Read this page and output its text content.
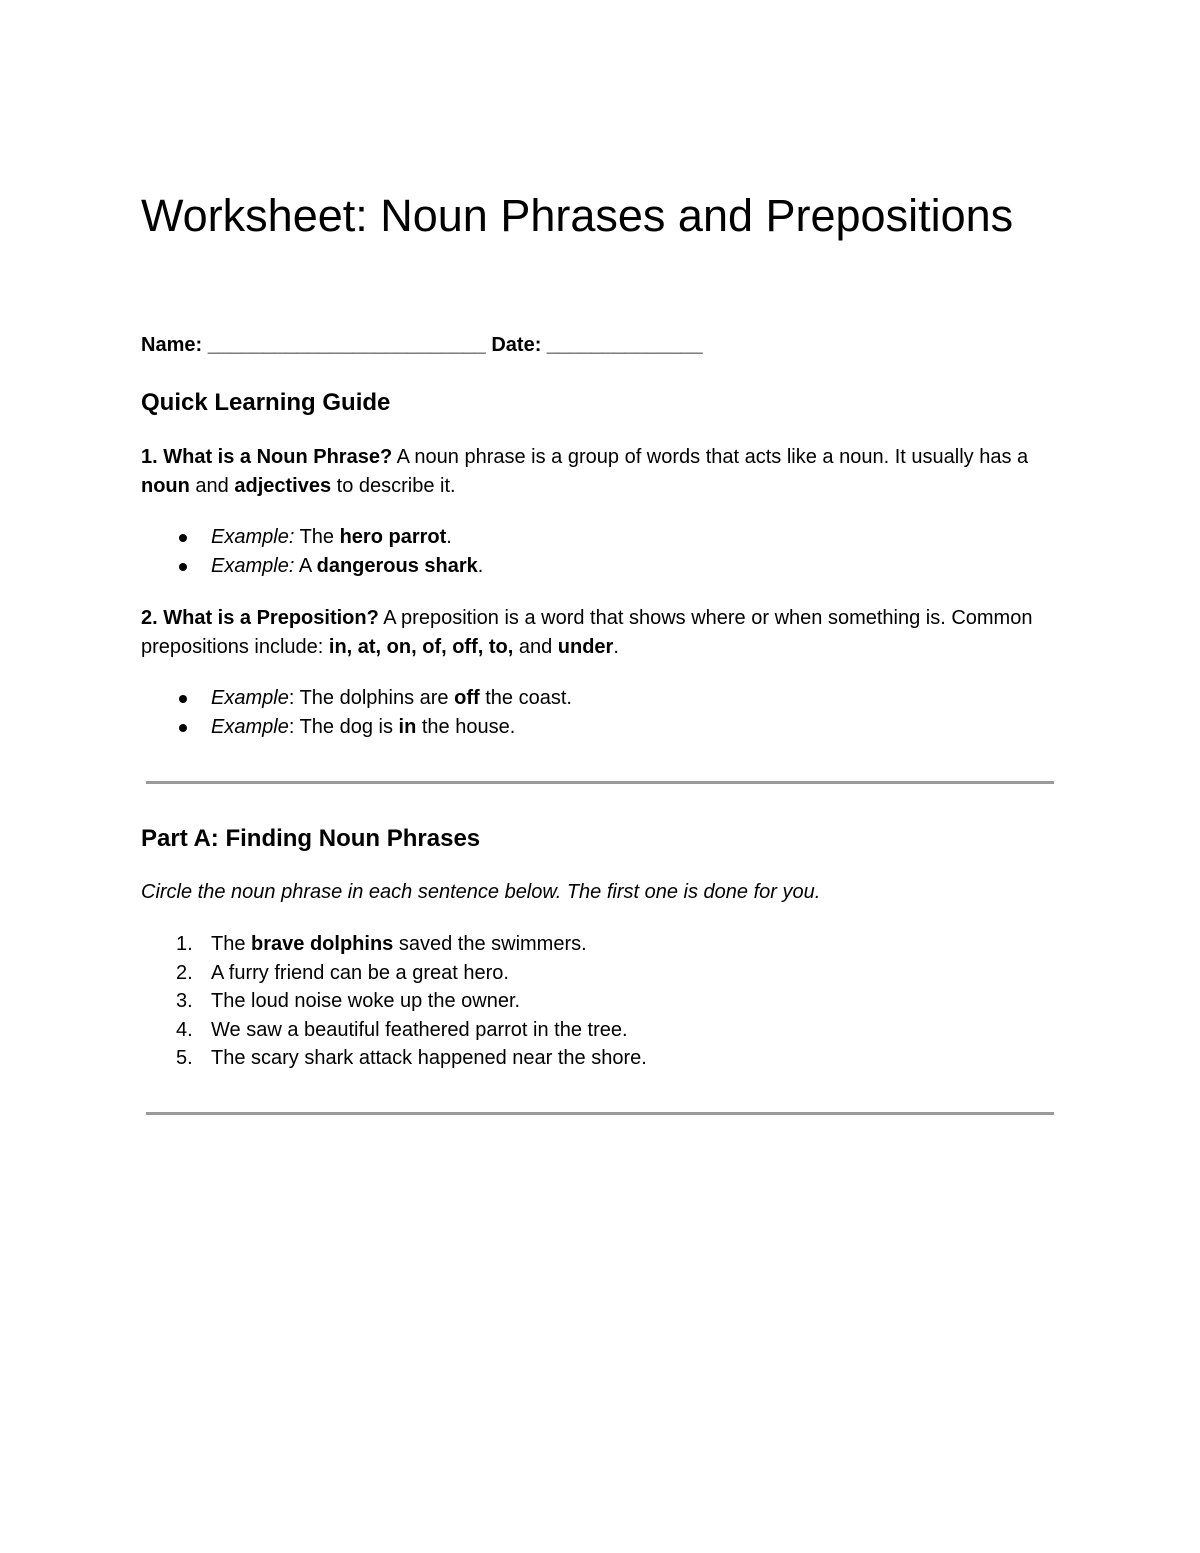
Worksheet: Noun Phrases and Prepositions

Name: _________________________ Date: ______________

Quick Learning Guide

1. What is a Noun Phrase? A noun phrase is a group of words that acts like a noun. It usually has a noun and adjectives to describe it.

Example: The hero parrot.
Example: A dangerous shark.

2. What is a Preposition? A preposition is a word that shows where or when something is. Common prepositions include: in, at, on, of, off, to, and under.

Example: The dolphins are off the coast.
Example: The dog is in the house.
Part A: Finding Noun Phrases

Circle the noun phrase in each sentence below. The first one is done for you.

1. The brave dolphins saved the swimmers.
2. A furry friend can be a great hero.
3. The loud noise woke up the owner.
4. We saw a beautiful feathered parrot in the tree.
5. The scary shark attack happened near the shore.
